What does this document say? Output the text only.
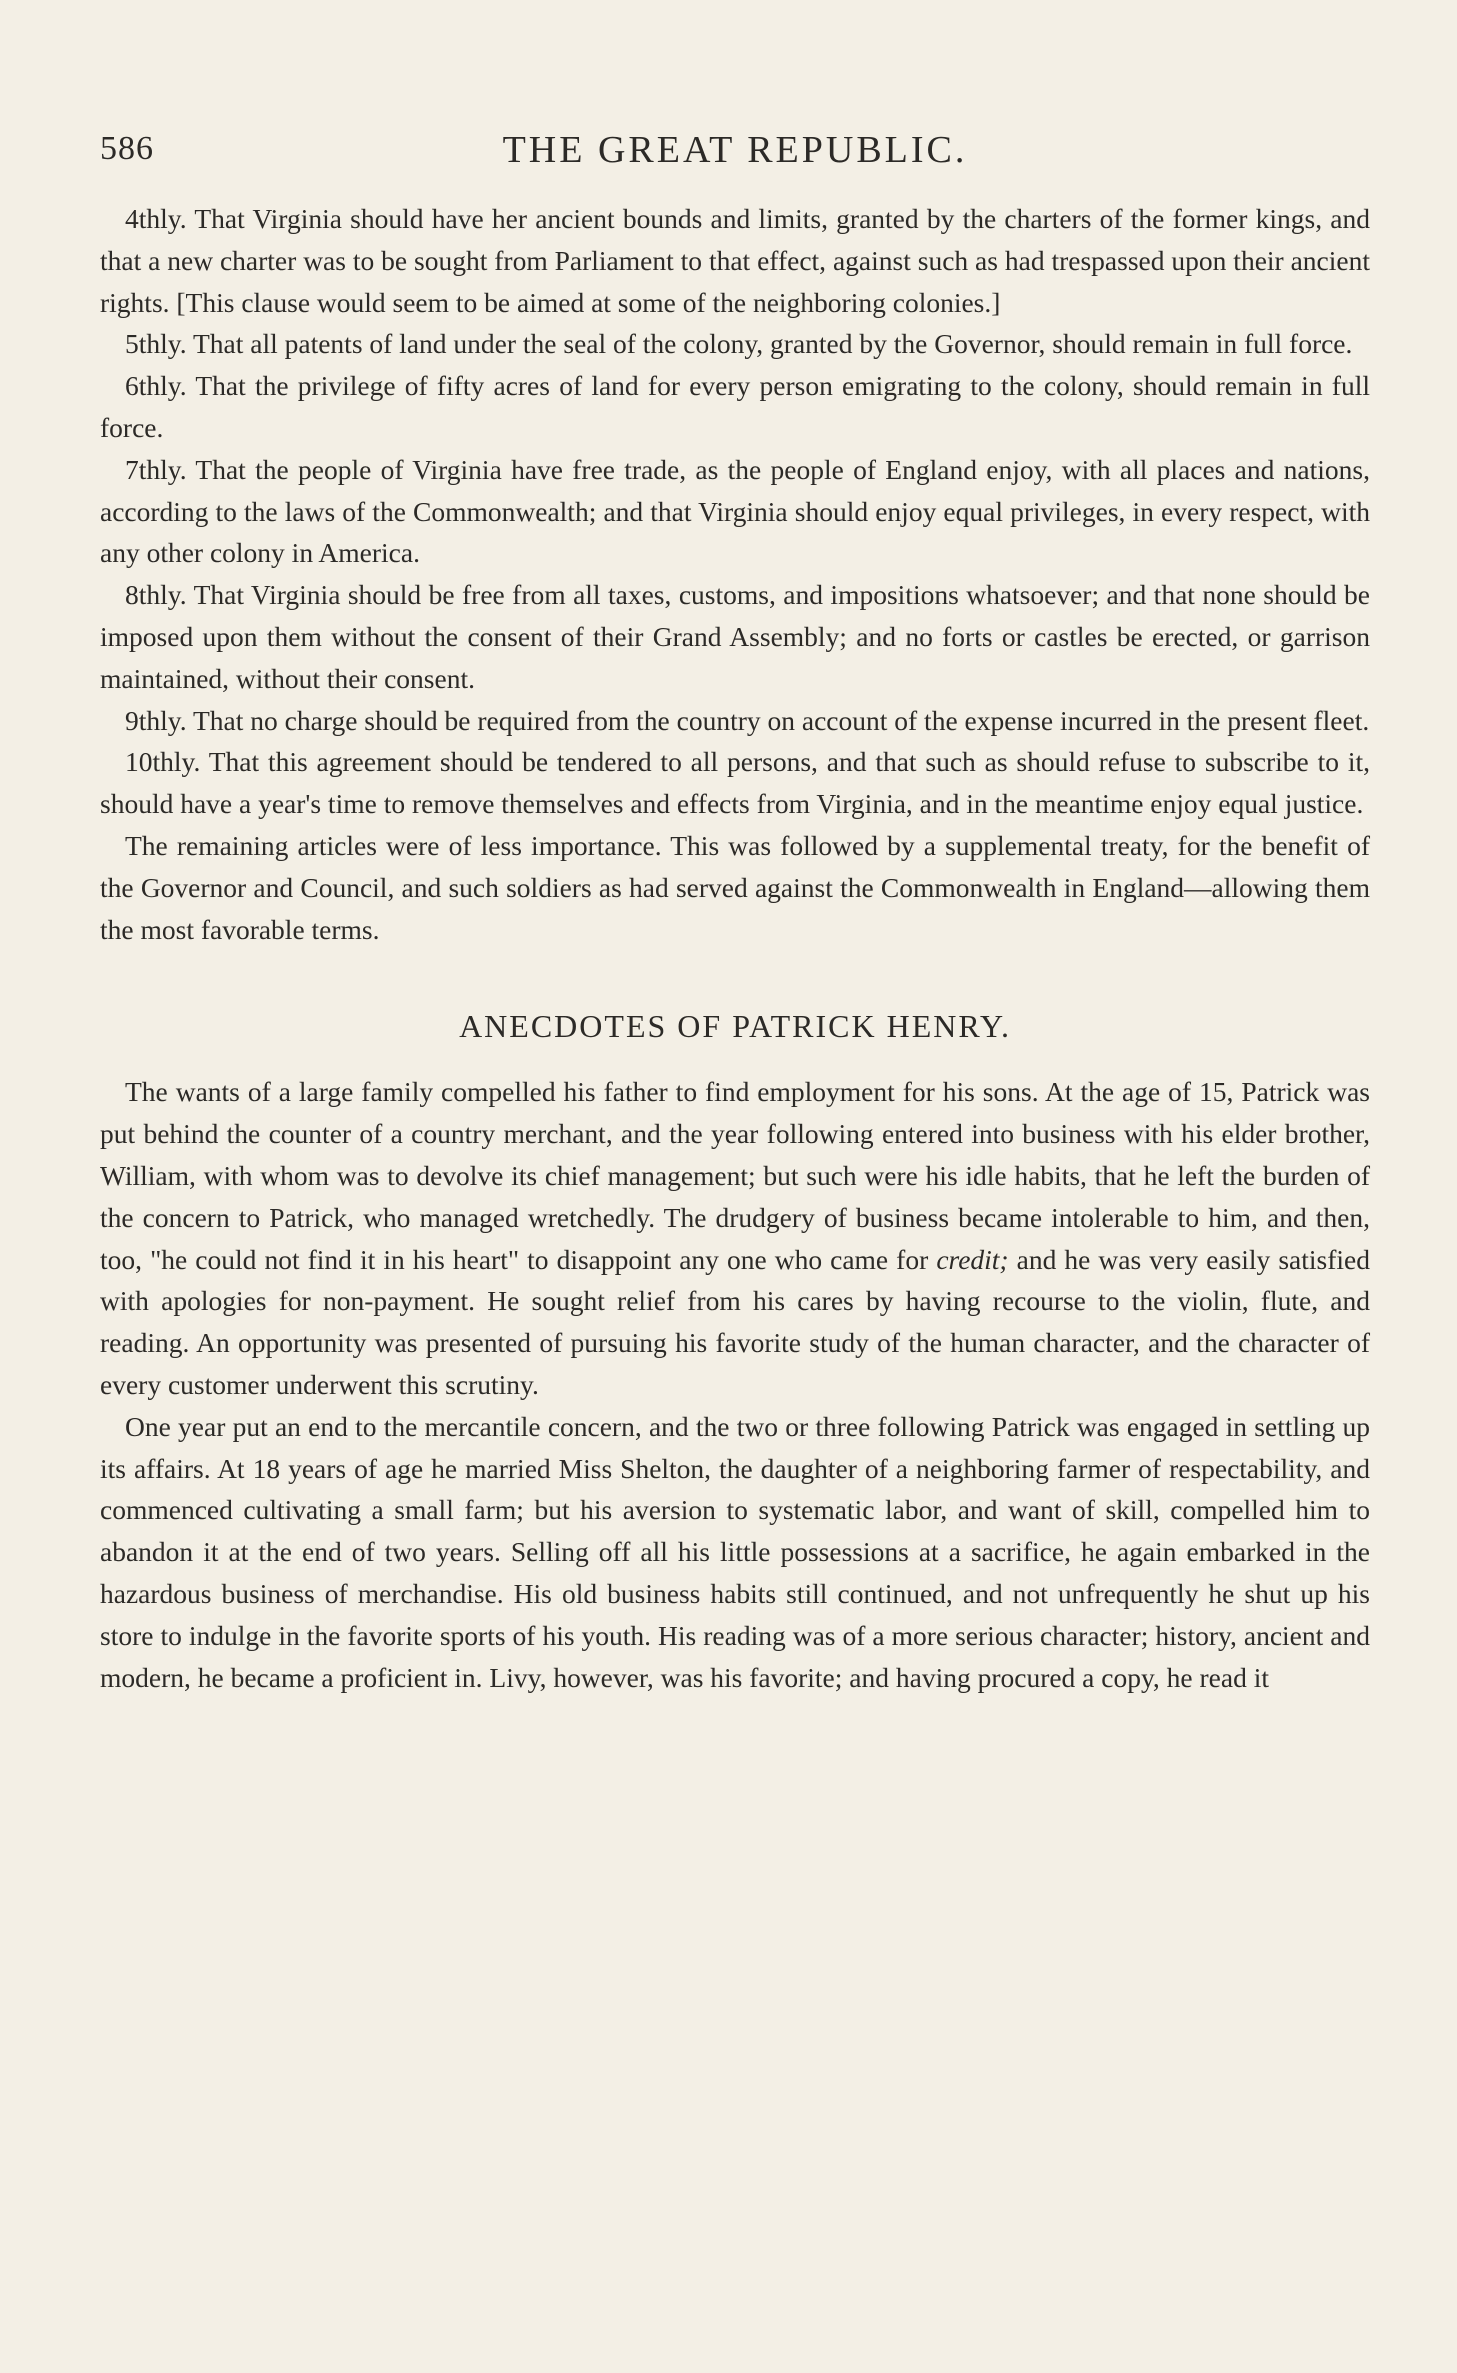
586	THE GREAT REPUBLIC.

4thly. That Virginia should have her ancient bounds and limits, granted by the charters of the former kings, and that a new charter was to be sought from Parliament to that effect, against such as had trespassed upon their ancient rights. [This clause would seem to be aimed at some of the neighboring colonies.]

5thly. That all patents of land under the seal of the colony, granted by the Governor, should remain in full force.

6thly. That the privilege of fifty acres of land for every person emigrating to the colony, should remain in full force.

7thly. That the people of Virginia have free trade, as the people of England enjoy, with all places and nations, according to the laws of the Commonwealth; and that Virginia should enjoy equal privileges, in every respect, with any other colony in America.

8thly. That Virginia should be free from all taxes, customs, and impositions whatsoever; and that none should be imposed upon them without the consent of their Grand Assembly; and no forts or castles be erected, or garrison maintained, without their consent.

9thly. That no charge should be required from the country on account of the expense incurred in the present fleet.

10thly. That this agreement should be tendered to all persons, and that such as should refuse to subscribe to it, should have a year's time to remove themselves and effects from Virginia, and in the meantime enjoy equal justice.

The remaining articles were of less importance. This was followed by a supplemental treaty, for the benefit of the Governor and Council, and such soldiers as had served against the Commonwealth in England—allowing them the most favorable terms.

ANECDOTES OF PATRICK HENRY.

The wants of a large family compelled his father to find employment for his sons. At the age of 15, Patrick was put behind the counter of a country merchant, and the year following entered into business with his elder brother, William, with whom was to devolve its chief management; but such were his idle habits, that he left the burden of the concern to Patrick, who managed wretchedly. The drudgery of business became intolerable to him, and then, too, "he could not find it in his heart" to disappoint any one who came for credit; and he was very easily satisfied with apologies for non-payment. He sought relief from his cares by having recourse to the violin, flute, and reading. An opportunity was presented of pursuing his favorite study of the human character, and the character of every customer underwent this scrutiny.

One year put an end to the mercantile concern, and the two or three following Patrick was engaged in settling up its affairs. At 18 years of age he married Miss Shelton, the daughter of a neighboring farmer of respectability, and commenced cultivating a small farm; but his aversion to systematic labor, and want of skill, compelled him to abandon it at the end of two years. Selling off all his little possessions at a sacrifice, he again embarked in the hazardous business of merchandise. His old business habits still continued, and not unfrequently he shut up his store to indulge in the favorite sports of his youth. His reading was of a more serious character; history, ancient and modern, he became a proficient in. Livy, however, was his favorite; and having procured a copy, he read it
